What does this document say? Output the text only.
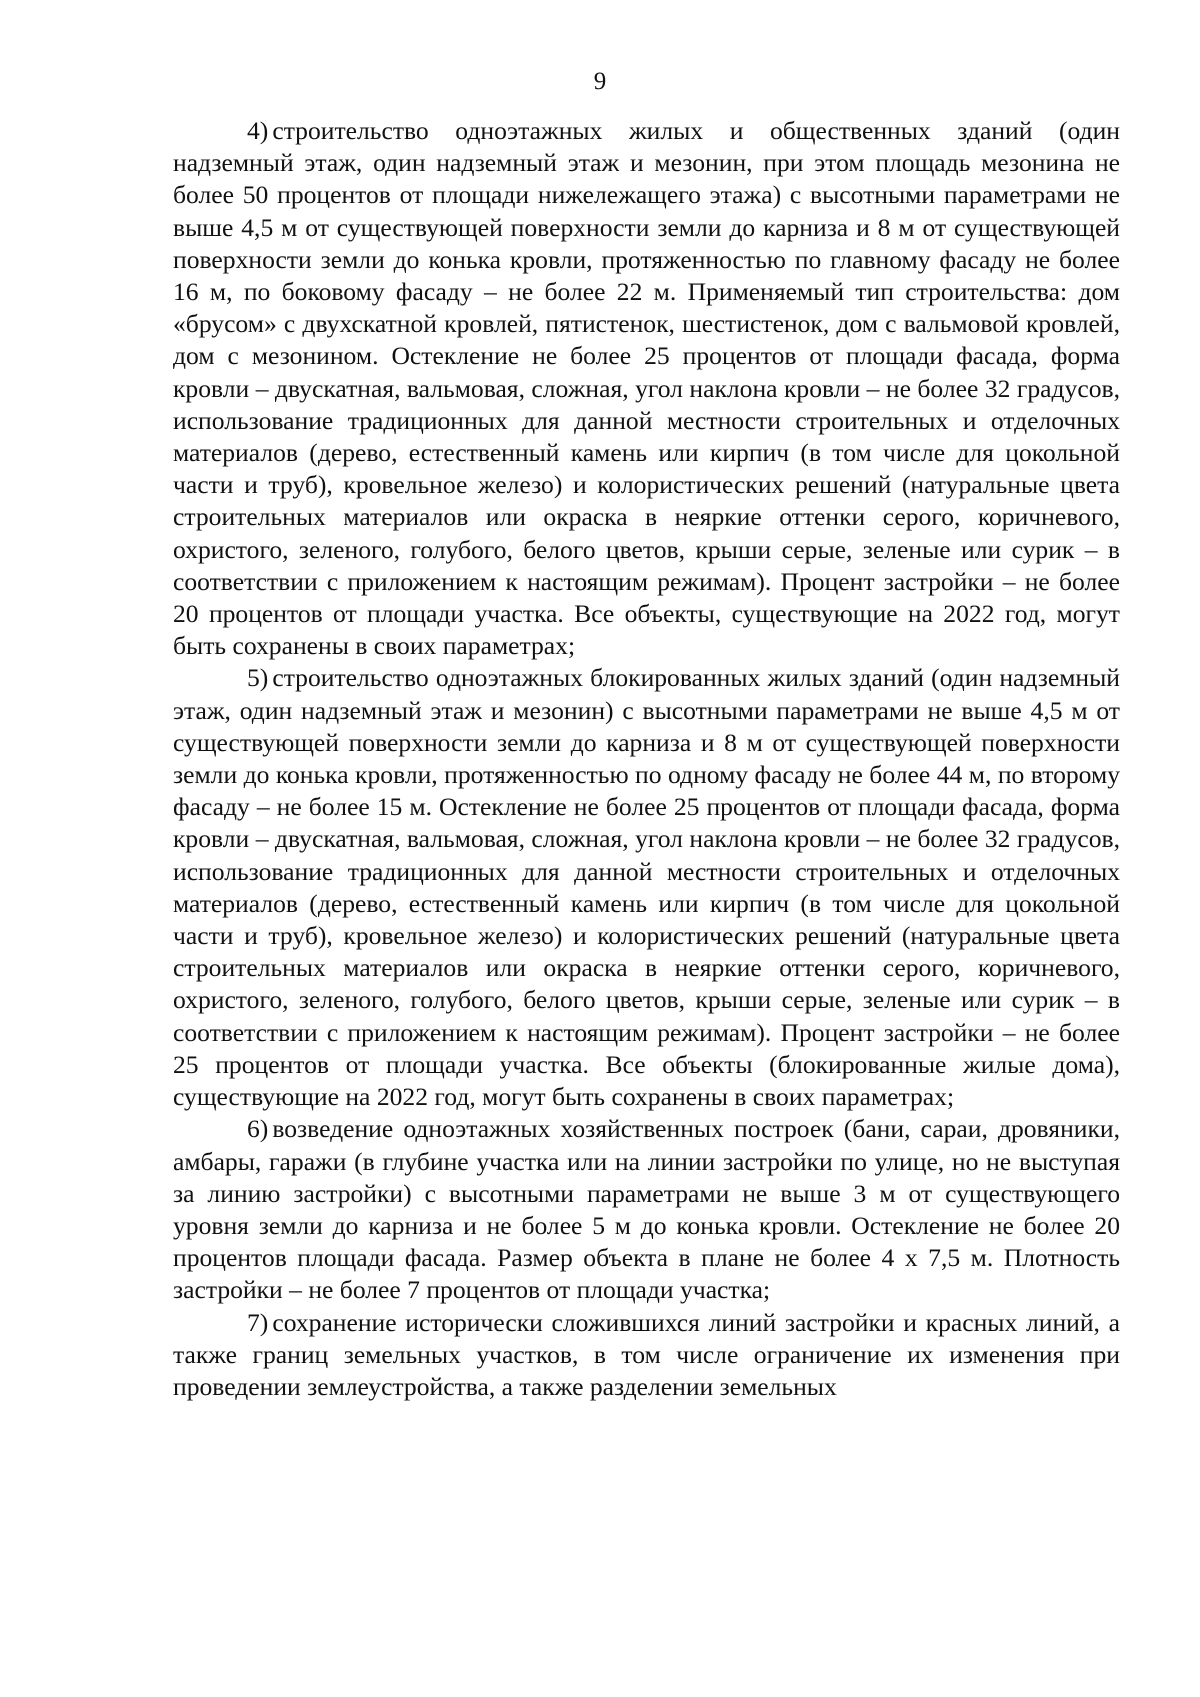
9

4) строительство одноэтажных жилых и общественных зданий (один надземный этаж, один надземный этаж и мезонин, при этом площадь мезонина не более 50 процентов от площади нижележащего этажа) с высотными параметрами не выше 4,5 м от существующей поверхности земли до карниза и 8 м от существующей поверхности земли до конька кровли, протяженностью по главному фасаду не более 16 м, по боковому фасаду – не более 22 м. Применяемый тип строительства: дом «брусом» с двухскатной кровлей, пятистенок, шестистенок, дом с вальмовой кровлей, дом с мезонином. Остекление не более 25 процентов от площади фасада, форма кровли – двускатная, вальмовая, сложная, угол наклона кровли – не более 32 градусов, использование традиционных для данной местности строительных и отделочных материалов (дерево, естественный камень или кирпич (в том числе для цокольной части и труб), кровельное железо) и колористических решений (натуральные цвета строительных материалов или окраска в неяркие оттенки серого, коричневого, охристого, зеленого, голубого, белого цветов, крыши серые, зеленые или сурик – в соответствии с приложением к настоящим режимам). Процент застройки – не более 20 процентов от площади участка. Все объекты, существующие на 2022 год, могут быть сохранены в своих параметрах;

5) строительство одноэтажных блокированных жилых зданий (один надземный этаж, один надземный этаж и мезонин) с высотными параметрами не выше 4,5 м от существующей поверхности земли до карниза и 8 м от существующей поверхности земли до конька кровли, протяженностью по одному фасаду не более 44 м, по второму фасаду – не более 15 м. Остекление не более 25 процентов от площади фасада, форма кровли – двускатная, вальмовая, сложная, угол наклона кровли – не более 32 градусов, использование традиционных для данной местности строительных и отделочных материалов (дерево, естественный камень или кирпич (в том числе для цокольной части и труб), кровельное железо) и колористических решений (натуральные цвета строительных материалов или окраска в неяркие оттенки серого, коричневого, охристого, зеленого, голубого, белого цветов, крыши серые, зеленые или сурик – в соответствии с приложением к настоящим режимам). Процент застройки – не более 25 процентов от площади участка. Все объекты (блокированные жилые дома), существующие на 2022 год, могут быть сохранены в своих параметрах;

6) возведение одноэтажных хозяйственных построек (бани, сараи, дровяники, амбары, гаражи (в глубине участка или на линии застройки по улице, но не выступая за линию застройки) с высотными параметрами не выше 3 м от существующего уровня земли до карниза и не более 5 м до конька кровли. Остекление не более 20 процентов площади фасада. Размер объекта в плане не более 4 х 7,5 м. Плотность застройки – не более 7 процентов от площади участка;

7) сохранение исторически сложившихся линий застройки и красных линий, а также границ земельных участков, в том числе ограничение их изменения при проведении землеустройства, а также разделении земельных
